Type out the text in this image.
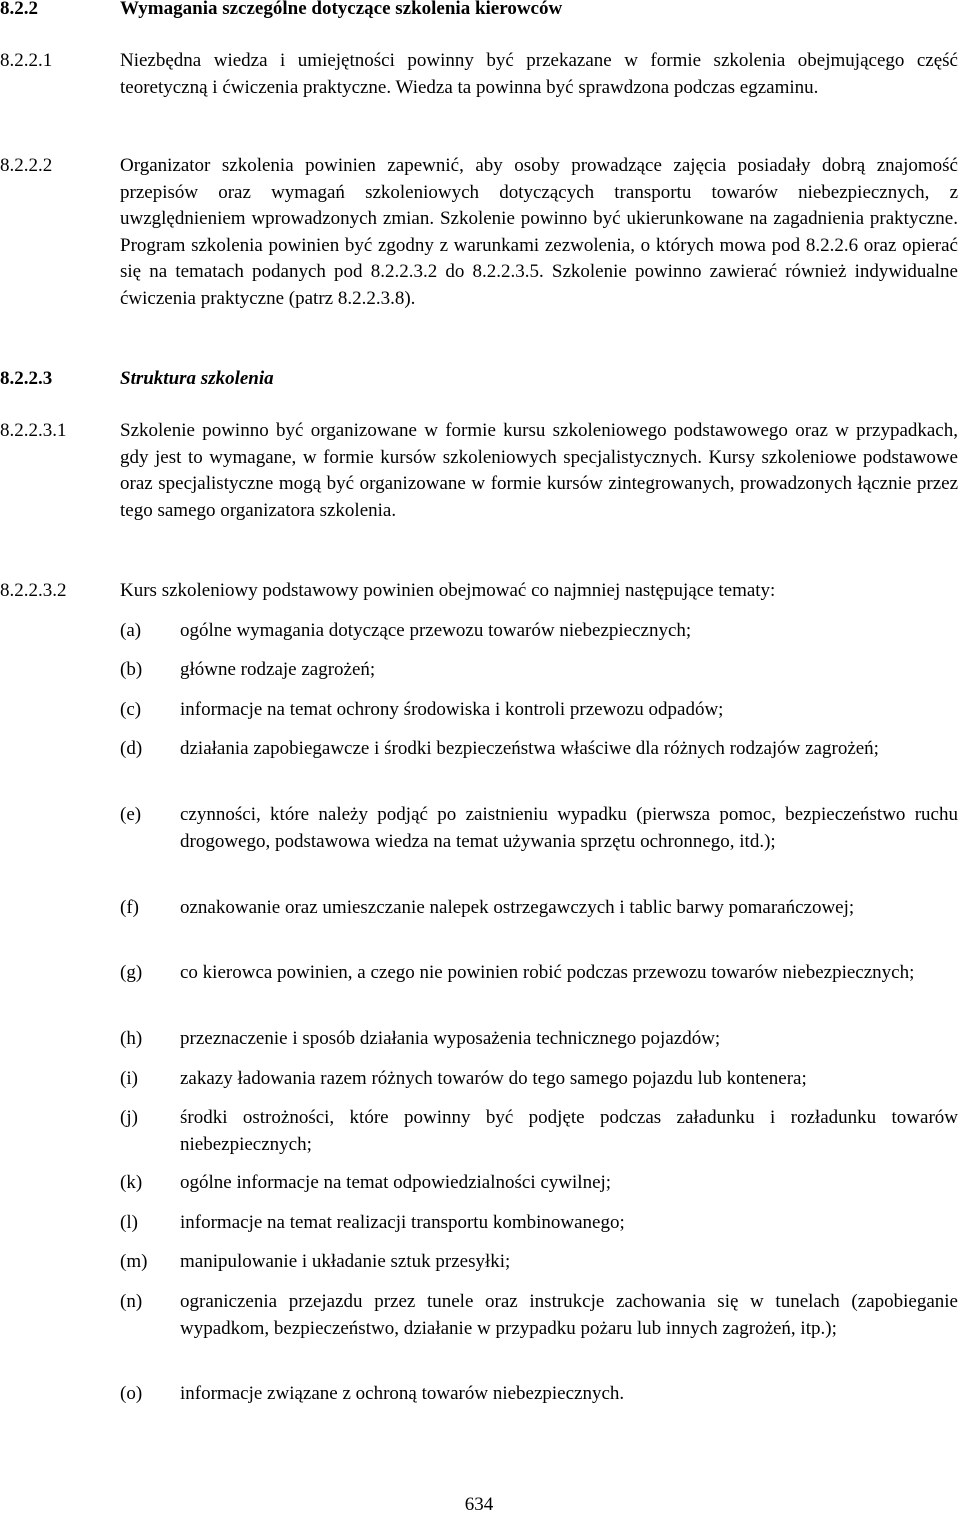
8.2.2	Wymagania szczególne dotyczące szkolenia kierowców
8.2.2.1	Niezbędna wiedza i umiejętności powinny być przekazane w formie szkolenia obejmującego część teoretyczną i ćwiczenia praktyczne. Wiedza ta powinna być sprawdzona podczas egzaminu.
8.2.2.2	Organizator szkolenia powinien zapewnić, aby osoby prowadzące zajęcia posiadały dobrą znajomość przepisów oraz wymagań szkoleniowych dotyczących transportu towarów niebezpiecznych, z uwzględnieniem wprowadzonych zmian. Szkolenie powinno być ukierunkowane na zagadnienia praktyczne. Program szkolenia powinien być zgodny z warunkami zezwolenia, o których mowa pod 8.2.2.6 oraz opierać się na tematach podanych pod 8.2.2.3.2 do 8.2.2.3.5. Szkolenie powinno zawierać również indywidualne ćwiczenia praktyczne (patrz 8.2.2.3.8).
8.2.2.3	Struktura szkolenia
8.2.2.3.1	Szkolenie powinno być organizowane w formie kursu szkoleniowego podstawowego oraz w przypadkach, gdy jest to wymagane, w formie kursów szkoleniowych specjalistycznych. Kursy szkoleniowe podstawowe oraz specjalistyczne mogą być organizowane w formie kursów zintegrowanych, prowadzonych łącznie przez tego samego organizatora szkolenia.
8.2.2.3.2	Kurs szkoleniowy podstawowy powinien obejmować co najmniej następujące tematy:
(a) ogólne wymagania dotyczące przewozu towarów niebezpiecznych;
(b) główne rodzaje zagrożeń;
(c) informacje na temat ochrony środowiska i kontroli przewozu odpadów;
(d) działania zapobiegawcze i środki bezpieczeństwa właściwe dla różnych rodzajów zagrożeń;
(e) czynności, które należy podjąć po zaistnieniu wypadku (pierwsza pomoc, bezpieczeństwo ruchu drogowego, podstawowa wiedza na temat używania sprzętu ochronnego, itd.);
(f) oznakowanie oraz umieszczanie nalepek ostrzegawczych i tablic barwy pomarańczowej;
(g) co kierowca powinien, a czego nie powinien robić podczas przewozu towarów niebezpiecznych;
(h) przeznaczenie i sposób działania wyposażenia technicznego pojazdów;
(i) zakazy ładowania razem różnych towarów do tego samego pojazdu lub kontenera;
(j) środki ostrożności, które powinny być podjęte podczas załadunku i rozładunku towarów niebezpiecznych;
(k) ogólne informacje na temat odpowiedzialności cywilnej;
(l) informacje na temat realizacji transportu kombinowanego;
(m) manipulowanie i układanie sztuk przesyłki;
(n) ograniczenia przejazdu przez tunele oraz instrukcje zachowania się w tunelach (zapobieganie wypadkom, bezpieczeństwo, działanie w przypadku pożaru lub innych zagrożeń, itp.);
(o) informacje związane z ochroną towarów niebezpiecznych.
634
